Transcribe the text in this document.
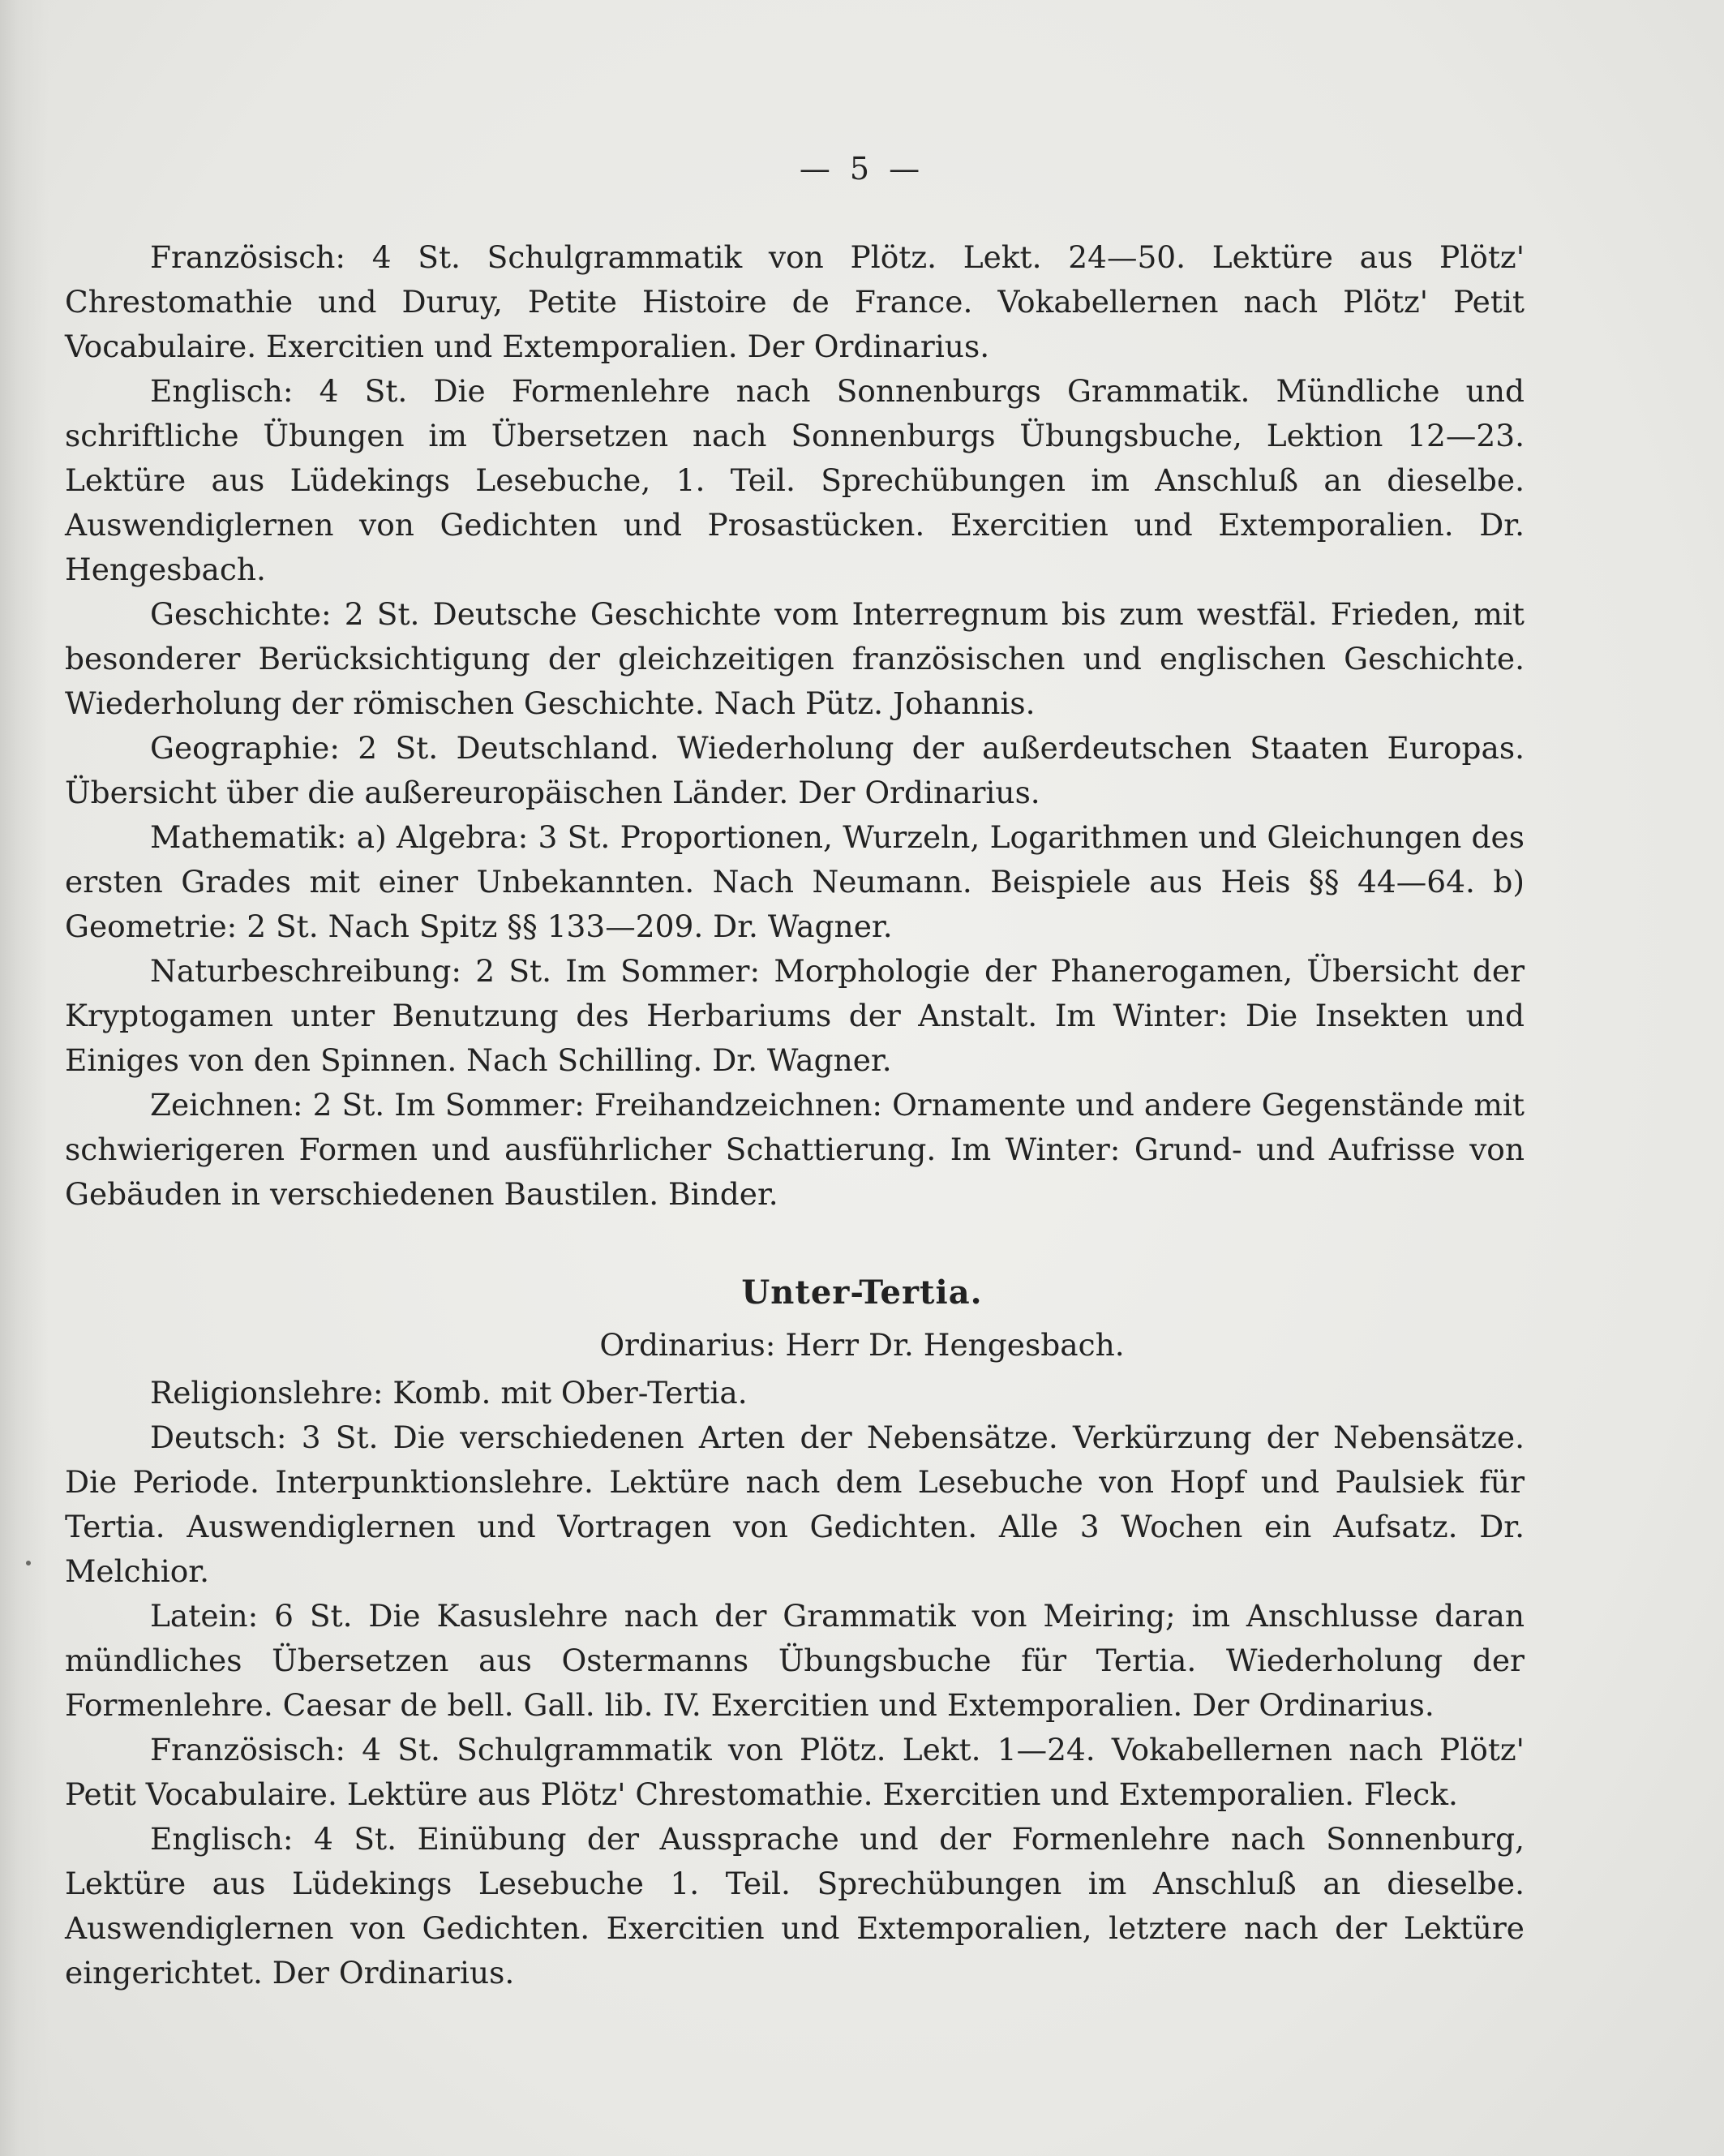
— 5 —

Französisch: 4 St. Schulgrammatik von Plötz. Lekt. 24—50. Lektüre aus Plötz' Chrestomathie und Duruy, Petite Histoire de France. Vokabellernen nach Plötz' Petit Vocabulaire. Exercitien und Extemporalien. Der Ordinarius.

Englisch: 4 St. Die Formenlehre nach Sonnenburgs Grammatik. Mündliche und schriftliche Übungen im Übersetzen nach Sonnenburgs Übungsbuche, Lektion 12—23. Lektüre aus Lüdekings Lesebuche, 1. Teil. Sprechübungen im Anschluß an dieselbe. Auswendiglernen von Gedichten und Prosastücken. Exercitien und Extemporalien. Dr. Hengesbach.

Geschichte: 2 St. Deutsche Geschichte vom Interregnum bis zum westfäl. Frieden, mit besonderer Berücksichtigung der gleichzeitigen französischen und englischen Geschichte. Wiederholung der römischen Geschichte. Nach Pütz. Johannis.

Geographie: 2 St. Deutschland. Wiederholung der außerdeutschen Staaten Europas. Übersicht über die außereuropäischen Länder. Der Ordinarius.

Mathematik: a) Algebra: 3 St. Proportionen, Wurzeln, Logarithmen und Gleichungen des ersten Grades mit einer Unbekannten. Nach Neumann. Beispiele aus Heis §§ 44—64. b) Geometrie: 2 St. Nach Spitz §§ 133—209. Dr. Wagner.

Naturbeschreibung: 2 St. Im Sommer: Morphologie der Phanerogamen, Übersicht der Kryptogamen unter Benutzung des Herbariums der Anstalt. Im Winter: Die Insekten und Einiges von den Spinnen. Nach Schilling. Dr. Wagner.

Zeichnen: 2 St. Im Sommer: Freihandzeichnen: Ornamente und andere Gegenstände mit schwierigeren Formen und ausführlicher Schattierung. Im Winter: Grund- und Aufrisse von Gebäuden in verschiedenen Baustilen. Binder.

Unter-Tertia.
Ordinarius: Herr Dr. Hengesbach.

Religionslehre: Komb. mit Ober-Tertia.

Deutsch: 3 St. Die verschiedenen Arten der Nebensätze. Verkürzung der Nebensätze. Die Periode. Interpunktionslehre. Lektüre nach dem Lesebuche von Hopf und Paulsiek für Tertia. Auswendiglernen und Vortragen von Gedichten. Alle 3 Wochen ein Aufsatz. Dr. Melchior.

Latein: 6 St. Die Kasuslehre nach der Grammatik von Meiring; im Anschlusse daran mündliches Übersetzen aus Ostermanns Übungsbuche für Tertia. Wiederholung der Formenlehre. Caesar de bell. Gall. lib. IV. Exercitien und Extemporalien. Der Ordinarius.

Französisch: 4 St. Schulgrammatik von Plötz. Lekt. 1—24. Vokabellernen nach Plötz' Petit Vocabulaire. Lektüre aus Plötz' Chrestomathie. Exercitien und Extemporalien. Fleck.

Englisch: 4 St. Einübung der Aussprache und der Formenlehre nach Sonnenburg, Lektüre aus Lüdekings Lesebuche 1. Teil. Sprechübungen im Anschluß an dieselbe. Auswendiglernen von Gedichten. Exercitien und Extemporalien, letztere nach der Lektüre eingerichtet. Der Ordinarius.
